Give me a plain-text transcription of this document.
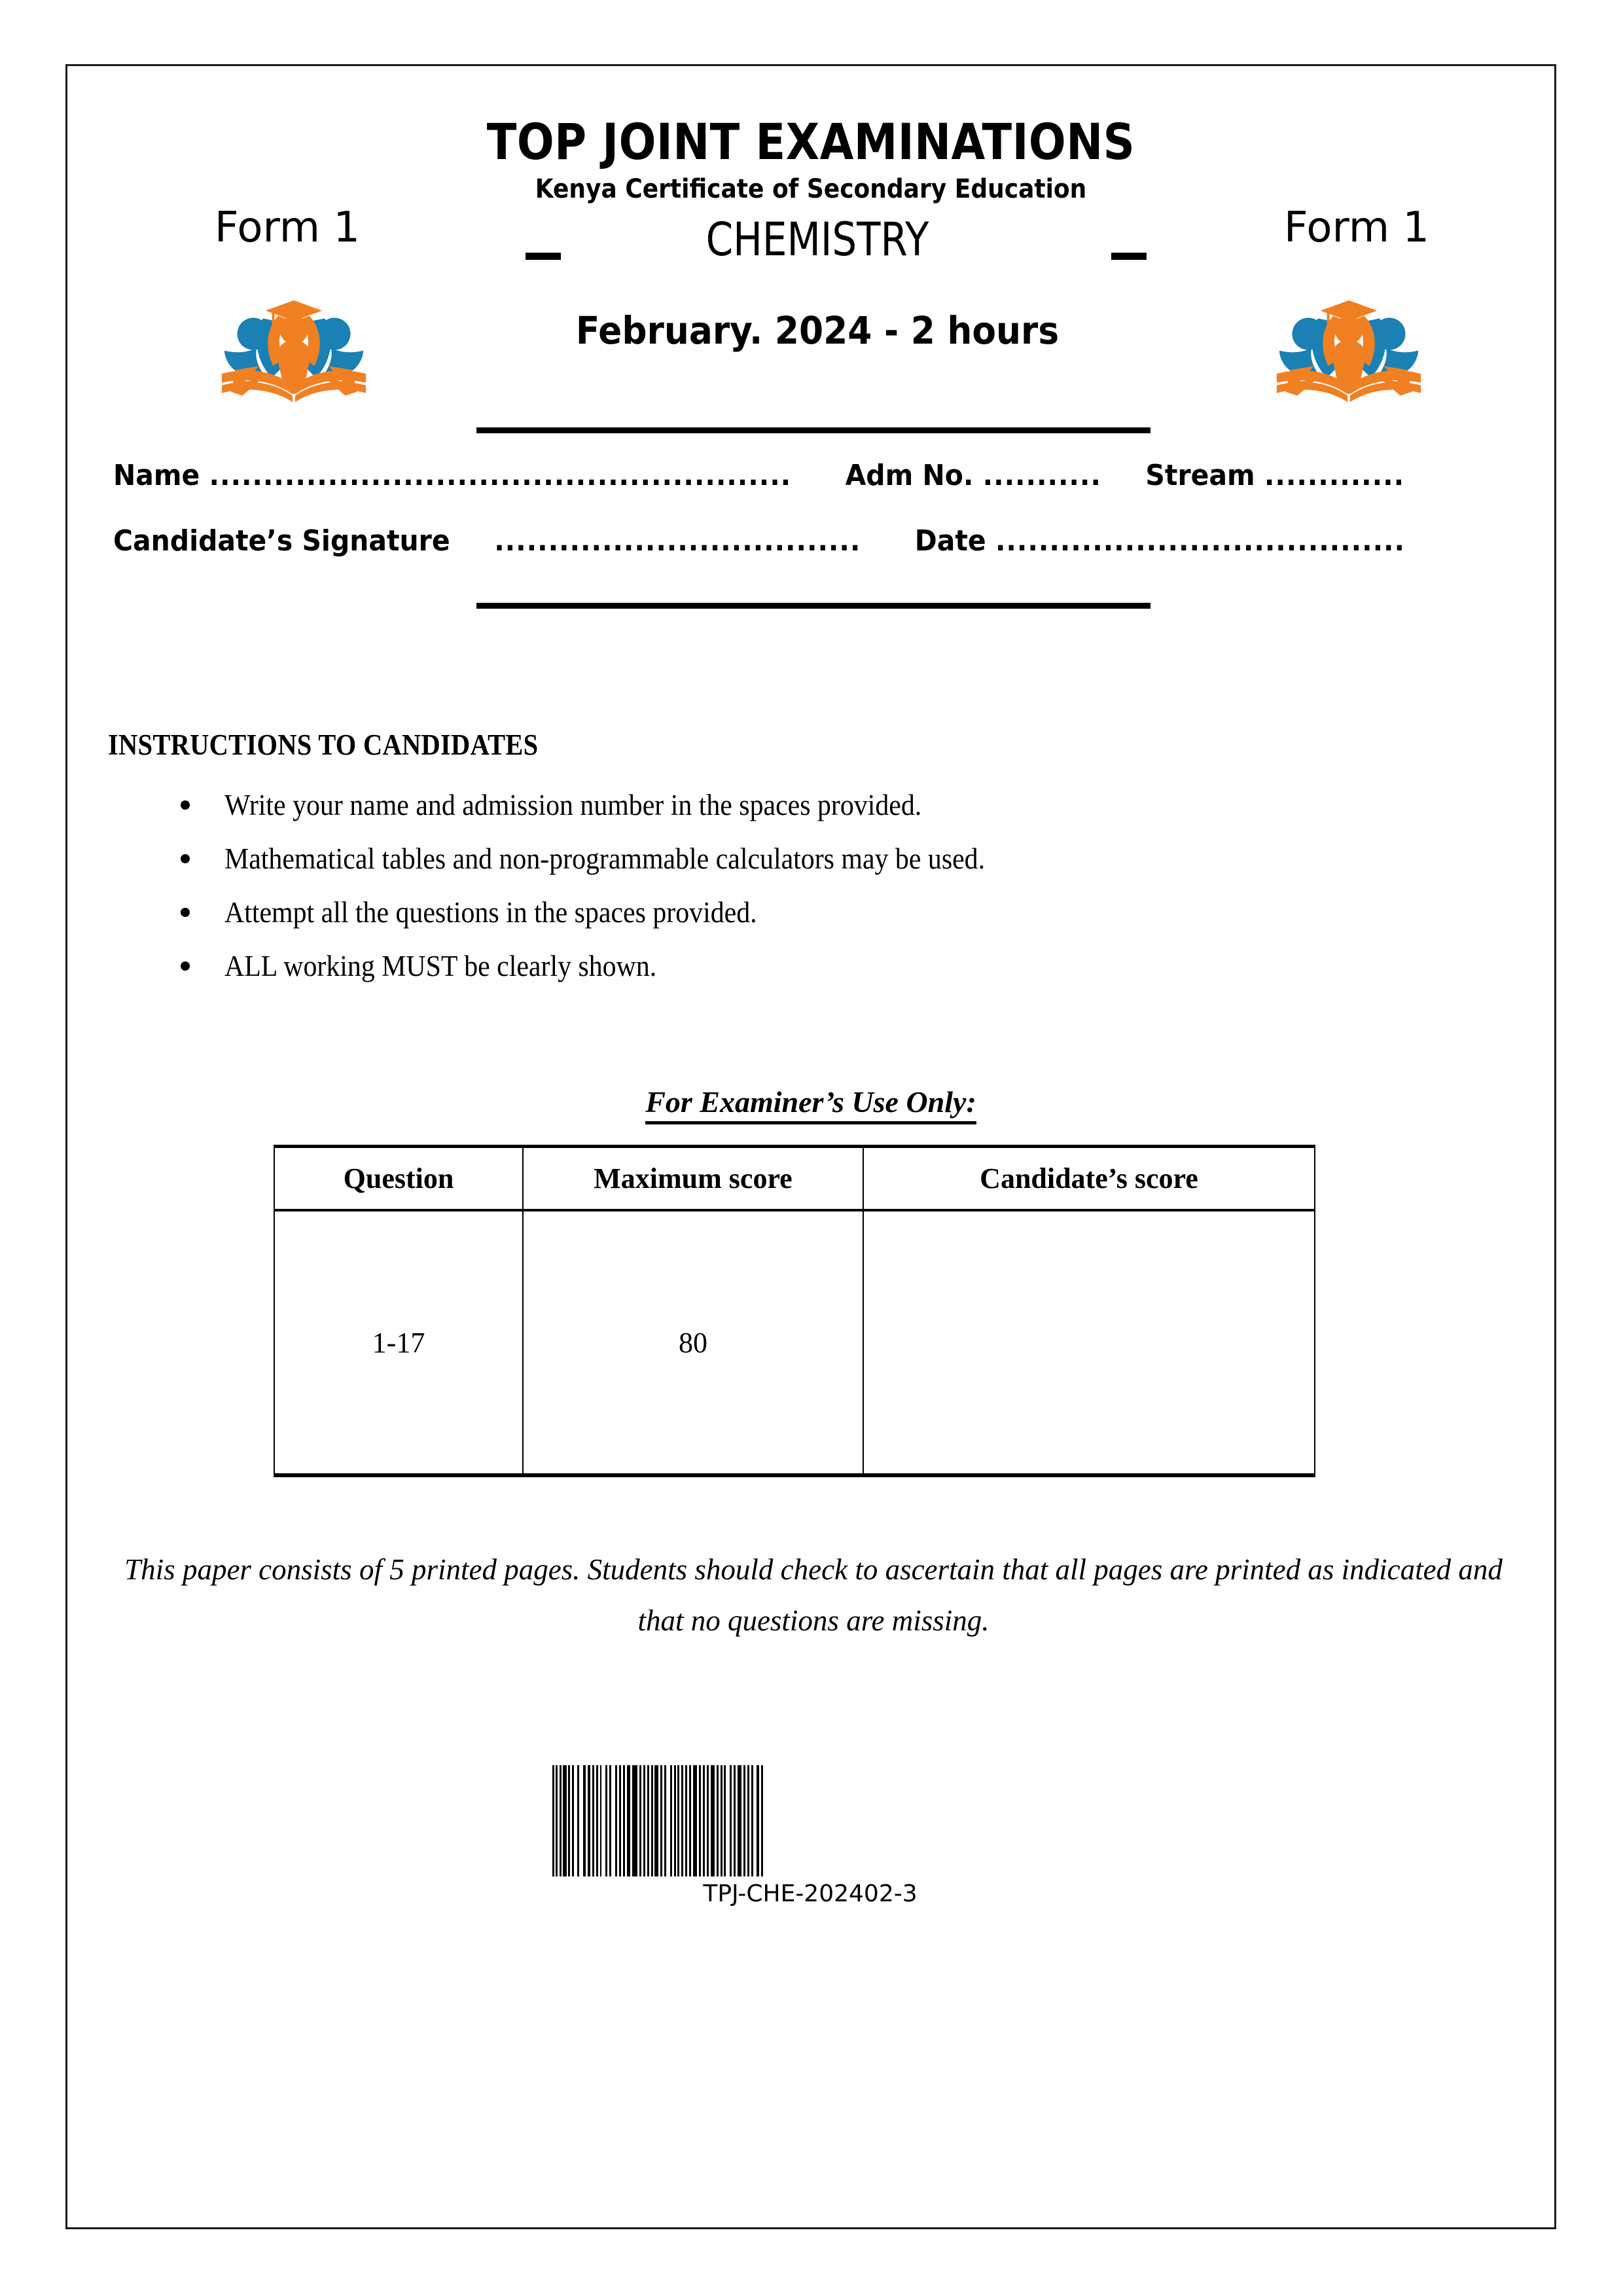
TOP JOINT EXAMINATIONS
Kenya Certificate of Secondary Education
Form 1	Form 1
CHEMISTRY
February. 2024 - 2 hours
Name ...................................................... Adm No. ........... Stream .............
Candidate’s Signature .................................. Date ......................................
INSTRUCTIONS TO CANDIDATES
Write your name and admission number in the spaces provided.
Mathematical tables and non-programmable calculators may be used.
Attempt all the questions in the spaces provided.
ALL working MUST be clearly shown.
For Examiner’s Use Only:
Question	Maximum score	Candidate’s score
1-17	80	
This paper consists of 5 printed pages. Students should check to ascertain that all pages are printed as indicated and that no questions are missing.
TPJ-CHE-202402-3
